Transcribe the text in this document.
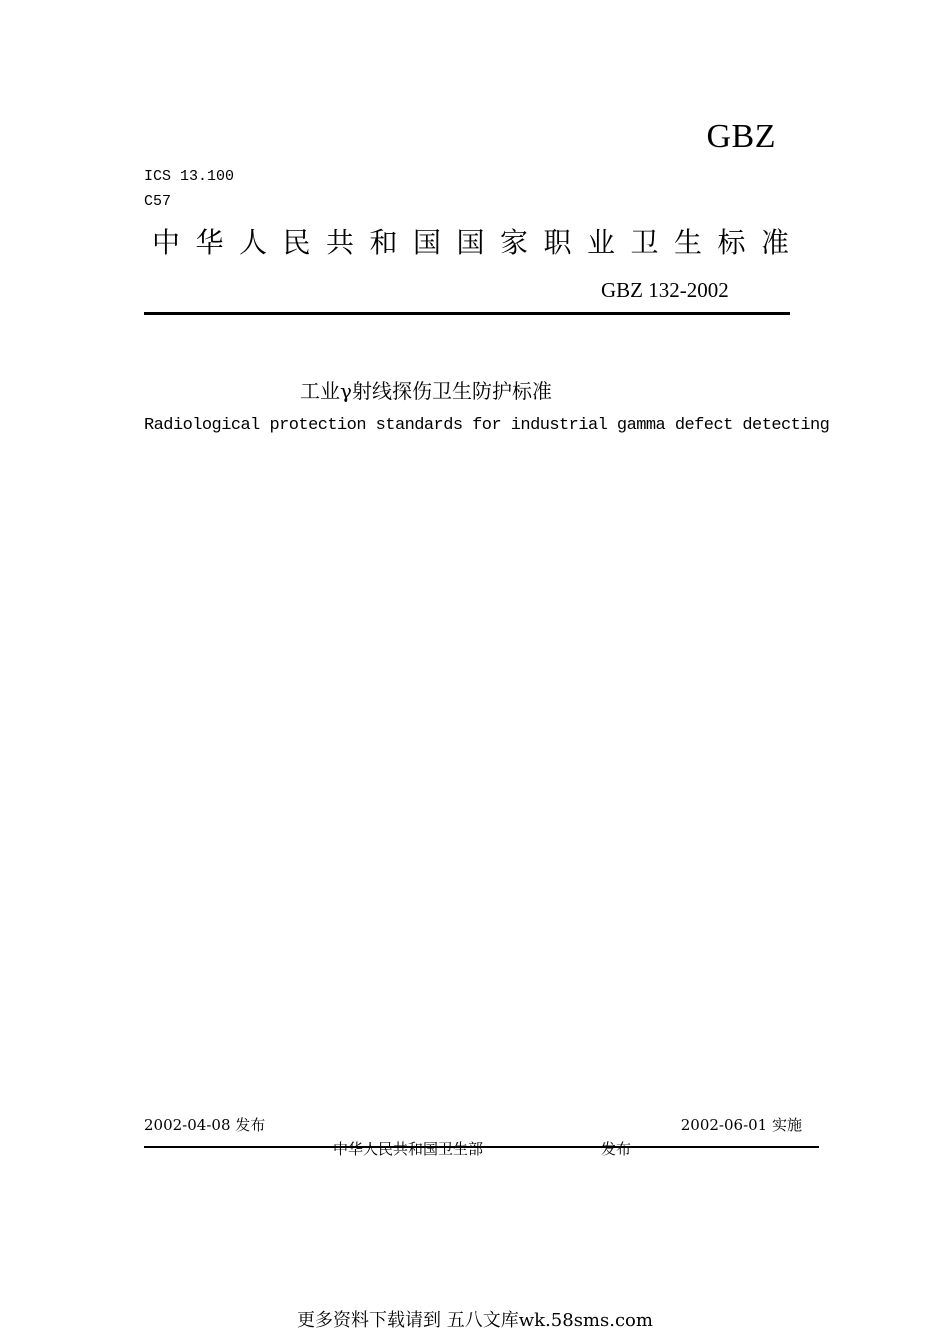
GBZ
ICS 13.100
C57
中华人民共和国国家职业卫生标准
GBZ 132-2002
工业γ射线探伤卫生防护标准
Radiological protection standards for industrial gamma defect detecting
2002-04-08 发布	2002-06-01 实施
中华人民共和国卫生部	发布
更多资料下载请到 五八文库wk.58sms.com
